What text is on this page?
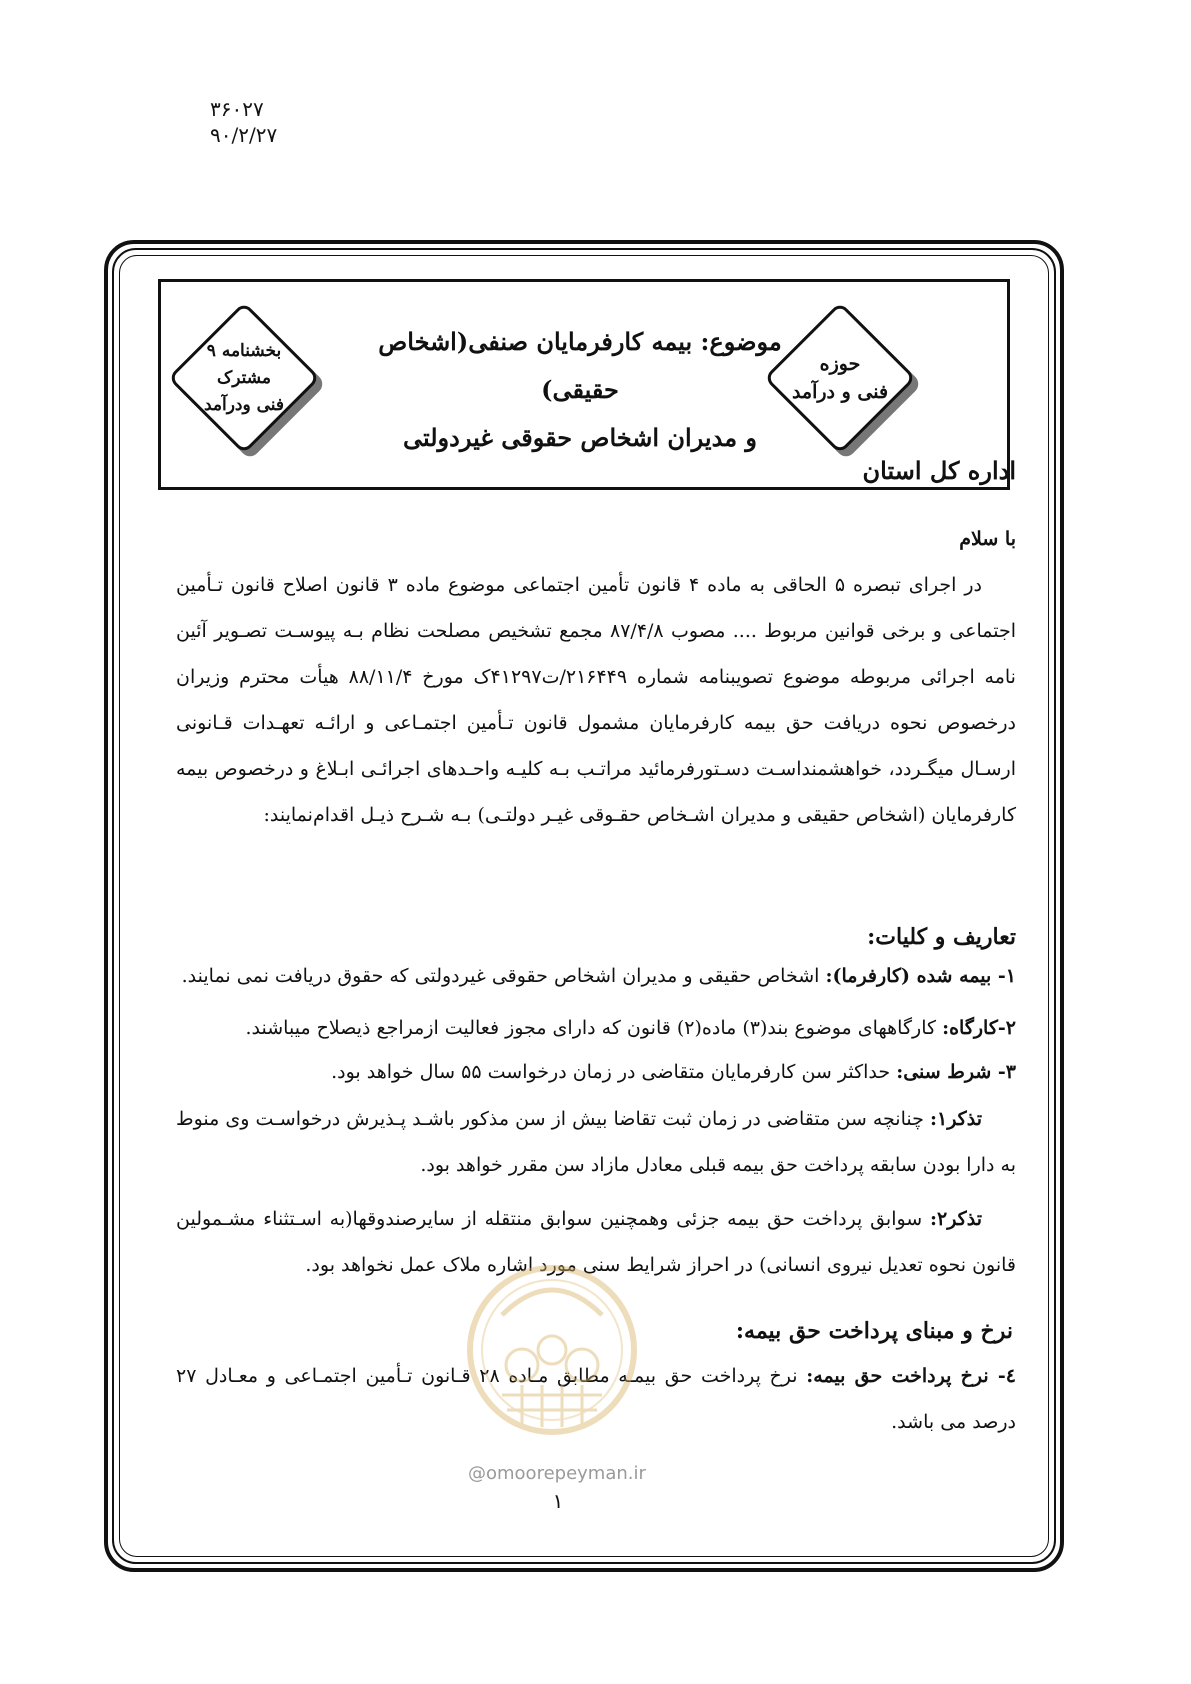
۳۶۰۲۷
۹۰/۲/۲۷
حوزه
فنی و درآمد
بخشنامه ۹
مشترک
فنی ودرآمد
موضوع: بیمه کارفرمایان صنفی(اشخاص حقیقی)
و مدیران اشخاص حقوقی غیردولتی
اداره کل استان
با سلام
در اجرای تبصره ۵ الحاقی به ماده ۴ قانون تأمین اجتماعی موضوع ماده ۳ قانون اصلاح قانون تـأمین اجتماعی و برخی قوانین مربوط .... مصوب ۸۷/۴/۸ مجمع تشخیص مصلحت نظام بـه پیوسـت تصـویر آئین نامه اجرائی مربوطه موضوع تصویبنامه شماره ۲۱۶۴۴۹/ت۴۱۲۹۷ک مورخ ۸۸/۱۱/۴ هیأت محترم وزیران درخصوص نحوه دریافت حق بیمه کارفرمایان مشمول قانون تـأمین اجتمـاعی و ارائـه تعهـدات قـانونی ارسـال میگـردد، خواهشمنداسـت دسـتورفرمائید مراتـب بـه کلیـه واحـدهای اجرائـی ابـلاغ و درخصوص بیمه کارفرمایان (اشخاص حقیقی و مدیران اشـخاص حقـوقی غیـر دولتـی) بـه شـرح ذیـل اقدام‌نمایند:
تعاریف و کلیات:
۱- بیمه شده (کارفرما): اشخاص حقیقی و مدیران اشخاص حقوقی غیردولتی که حقوق دریافت نمی نمایند.
۲-کارگاه: کارگاههای موضوع بند(۳) ماده(۲) قانون که دارای مجوز فعالیت ازمراجع ذیصلاح میباشند.
۳- شرط سنی: حداکثر سن کارفرمایان متقاضی در زمان درخواست ۵۵ سال خواهد بود.
تذکر۱: چنانچه سن متقاضی در زمان ثبت تقاضا بیش از سن مذکور باشـد پـذیرش درخواسـت وی منوط به دارا بودن سابقه پرداخت حق بیمه قبلی معادل مازاد سن مقرر خواهد بود.
تذکر۲: سوابق پرداخت حق بیمه جزئی وهمچنین سوابق منتقله از سایرصندوقها(به اسـتثناء مشـمولین قانون نحوه تعدیل نیروی انسانی) در احراز شرایط سنی مورد اشاره ملاک عمل نخواهد بود.
نرخ و مبنای پرداخت حق بیمه:
٤- نرخ پرداخت حق بیمه: نرخ پرداخت حق بیمـه مطابق مـاده ۲۸ قـانون تـأمین اجتمـاعی و معـادل ۲۷ درصد می باشد.
@omoorepeyman.ir
۱
